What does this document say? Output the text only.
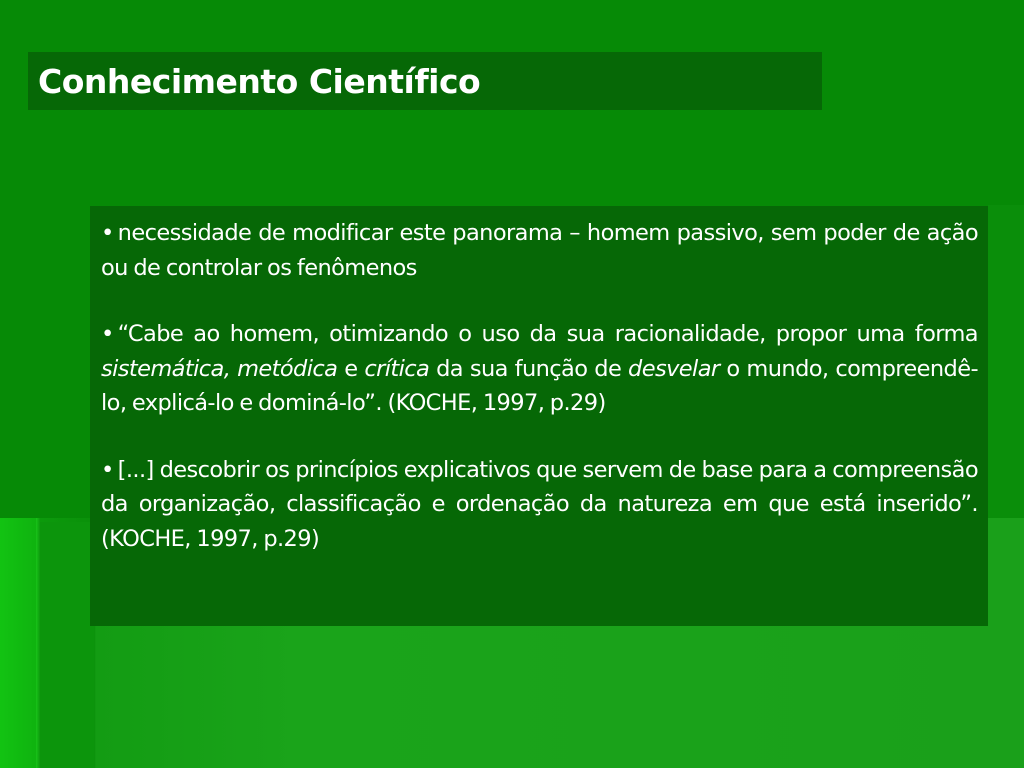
Conhecimento Científico

• necessidade de modificar este panorama – homem passivo, sem poder de ação ou de controlar os fenômenos

• “Cabe ao homem, otimizando o uso da sua racionalidade, propor uma forma sistemática, metódica e crítica da sua função de desvelar o mundo, compreendê-lo, explicá-lo e dominá-lo”. (KOCHE, 1997, p.29)

• [...] descobrir os princípios explicativos que servem de base para a compreensão da organização, classificação e ordenação da natureza em que está inserido”. (KOCHE, 1997, p.29)
